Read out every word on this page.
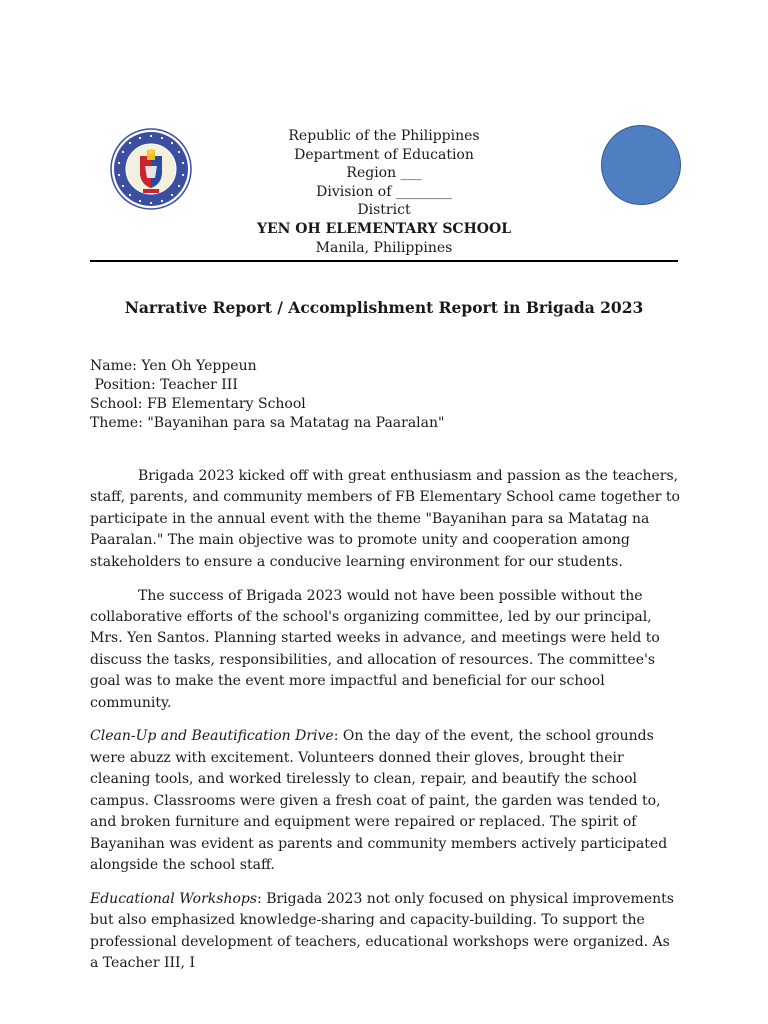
Republic of the Philippines
Department of Education
Region ___
Division of ________
District
YEN OH ELEMENTARY SCHOOL
Manila, Philippines
Narrative Report / Accomplishment Report in Brigada 2023
Name: Yen Oh Yeppeun
Position: Teacher III
School: FB Elementary School
Theme: "Bayanihan para sa Matatag na Paaralan"

Brigada 2023 kicked off with great enthusiasm and passion as the teachers, staff, parents, and community members of FB Elementary School came together to participate in the annual event with the theme "Bayanihan para sa Matatag na Paaralan." The main objective was to promote unity and cooperation among stakeholders to ensure a conducive learning environment for our students.

The success of Brigada 2023 would not have been possible without the collaborative efforts of the school's organizing committee, led by our principal, Mrs. Yen Santos. Planning started weeks in advance, and meetings were held to discuss the tasks, responsibilities, and allocation of resources. The committee's goal was to make the event more impactful and beneficial for our school community.

Clean-Up and Beautification Drive: On the day of the event, the school grounds were abuzz with excitement. Volunteers donned their gloves, brought their cleaning tools, and worked tirelessly to clean, repair, and beautify the school campus. Classrooms were given a fresh coat of paint, the garden was tended to, and broken furniture and equipment were repaired or replaced. The spirit of Bayanihan was evident as parents and community members actively participated alongside the school staff.

Educational Workshops: Brigada 2023 not only focused on physical improvements but also emphasized knowledge-sharing and capacity-building. To support the professional development of teachers, educational workshops were organized. As a Teacher III, I
